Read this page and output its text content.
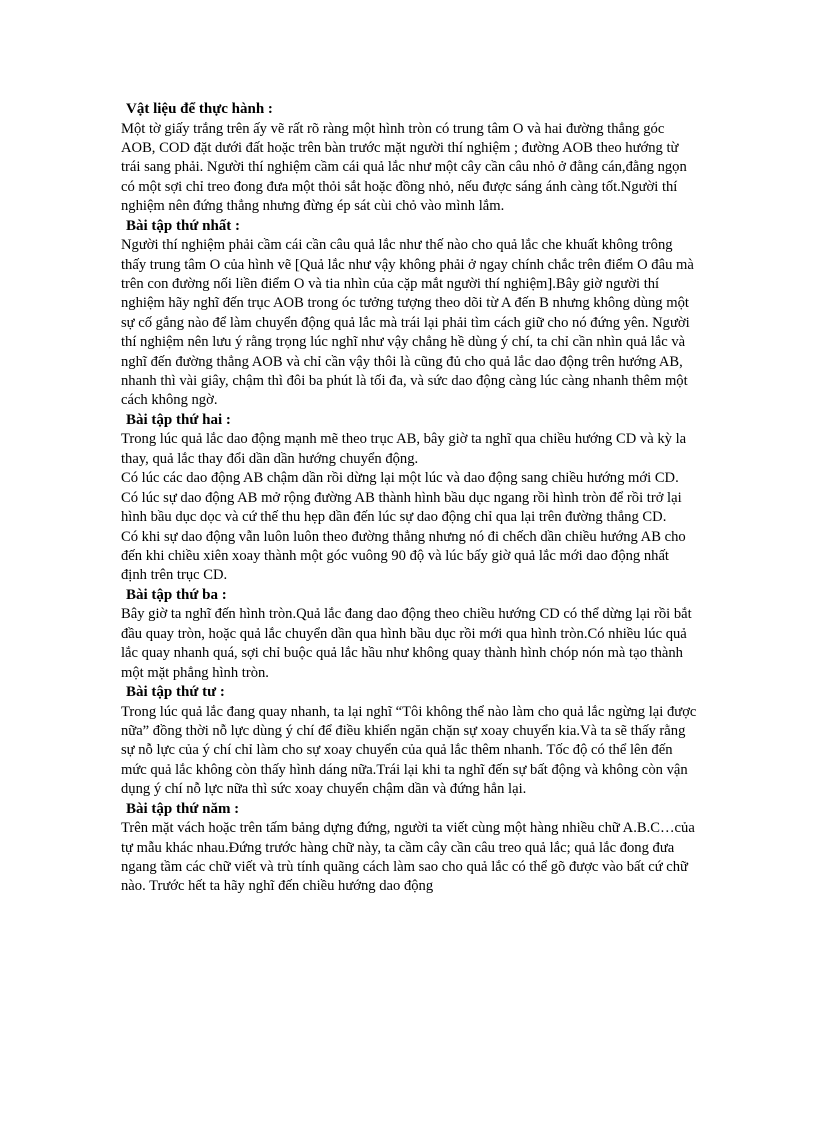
Vật liệu để thực hành :

Một tờ giấy trắng trên ấy vẽ rất rõ ràng một hình tròn có trung tâm O và hai đường thẳng góc AOB, COD đặt dưới đất hoặc trên bàn trước mặt người thí nghiệm ; đường AOB theo hướng từ trái sang phải. Người thí nghiệm cầm cái quả lắc như một cây cần câu nhỏ ở đằng cán,đằng ngọn có một sợi chỉ treo đong đưa một thỏi sắt hoặc đồng nhỏ, nếu được sáng ánh càng tốt.Người thí nghiệm nên đứng thẳng nhưng đừng ép sát cùi chỏ vào mình lắm.

Bài tập thứ nhất :

Người thí nghiệm phải cầm cái cần câu quả lắc như thế nào cho quả lắc che khuất không trông thấy trung tâm O của hình vẽ [Quả lắc như vậy không phải ở ngay chính chắc trên điểm O đâu mà trên con đường nối liền điểm O và tia nhìn của cặp mắt người thí nghiệm].Bây giờ người thí nghiệm hãy nghĩ đến trục AOB trong óc tưởng tượng theo dõi từ A đến B nhưng không dùng một sự cố gắng nào để làm chuyển động quả lắc mà trái lại phải tìm cách giữ cho nó đứng yên. Người thí nghiệm nên lưu ý rằng trọng lúc nghĩ như vậy chẳng hề dùng ý chí, ta chỉ cần nhìn quả lắc và nghĩ đến đường thẳng AOB và chỉ cần vậy thôi là cũng đủ cho quả lắc dao động trên hướng AB, nhanh thì vài giây, chậm thì đôi ba phút là tối đa, và sức dao động càng lúc càng nhanh thêm một cách không ngờ.

Bài tập thứ hai :

Trong lúc quả lắc dao động mạnh mẽ theo trục AB, bây giờ ta nghĩ qua chiều hướng CD và kỳ la thay, quả lắc thay đổi dần dần hướng chuyển động.

Có lúc các dao động AB chậm dần rồi dừng lại một lúc và dao động sang chiều hướng mới CD.

Có lúc sự dao động AB mở rộng đường AB thành hình bầu dục ngang rồi hình tròn để rồi trở lại hình bầu dục dọc và cứ thế thu hẹp dần đến lúc sự dao động chỉ qua lại trên đường thẳng CD.

Có khi sự dao động vẫn luôn luôn theo đường thẳng nhưng nó đi chếch dần chiều hướng AB cho đến khi chiều xiên xoay thành một góc vuông 90 độ và lúc bấy giờ quả lắc mới dao động nhất định trên trục CD.

Bài tập thứ ba :

Bây giờ ta nghĩ đến hình tròn.Quả lắc đang dao động theo chiều hướng CD có thể dừng lại rồi bắt đầu quay tròn, hoặc quả lắc chuyển dần qua hình bầu dục rồi mới qua hình tròn.Có nhiều lúc quả lắc quay nhanh quá, sợi chỉ buộc quả lắc hầu như không quay thành hình chóp nón mà tạo thành một mặt phẳng hình tròn.

Bài tập thứ tư :

Trong lúc quả lắc đang quay nhanh, ta lại nghĩ “Tôi không thể nào làm cho quả lắc ngừng lại được nữa” đồng thời nỗ lực dùng ý chí để điều khiển ngăn chặn sự xoay chuyển kia.Và ta sẽ thấy rằng sự nỗ lực của ý chí chỉ làm cho sự xoay chuyển của quả lắc thêm nhanh. Tốc độ có thể lên đến mức quả lắc không còn thấy hình dáng nữa.Trái lại khi ta nghĩ đến sự bất động và không còn vận dụng ý chí nỗ lực nữa thì sức xoay chuyển chậm dần và đứng hẳn lại.

Bài tập thứ năm :

Trên mặt vách hoặc trên tấm bảng dựng đứng, người ta viết cùng một hàng nhiều chữ A.B.C…của tự mẫu khác nhau.Đứng trước hàng chữ này, ta cầm cây cần câu treo quả lắc; quả lắc đong đưa ngang tầm các chữ viết và trù tính quãng cách làm sao cho quả lắc có thể gõ được vào bất cứ chữ nào. Trước hết ta hãy nghĩ đến chiều hướng dao động
